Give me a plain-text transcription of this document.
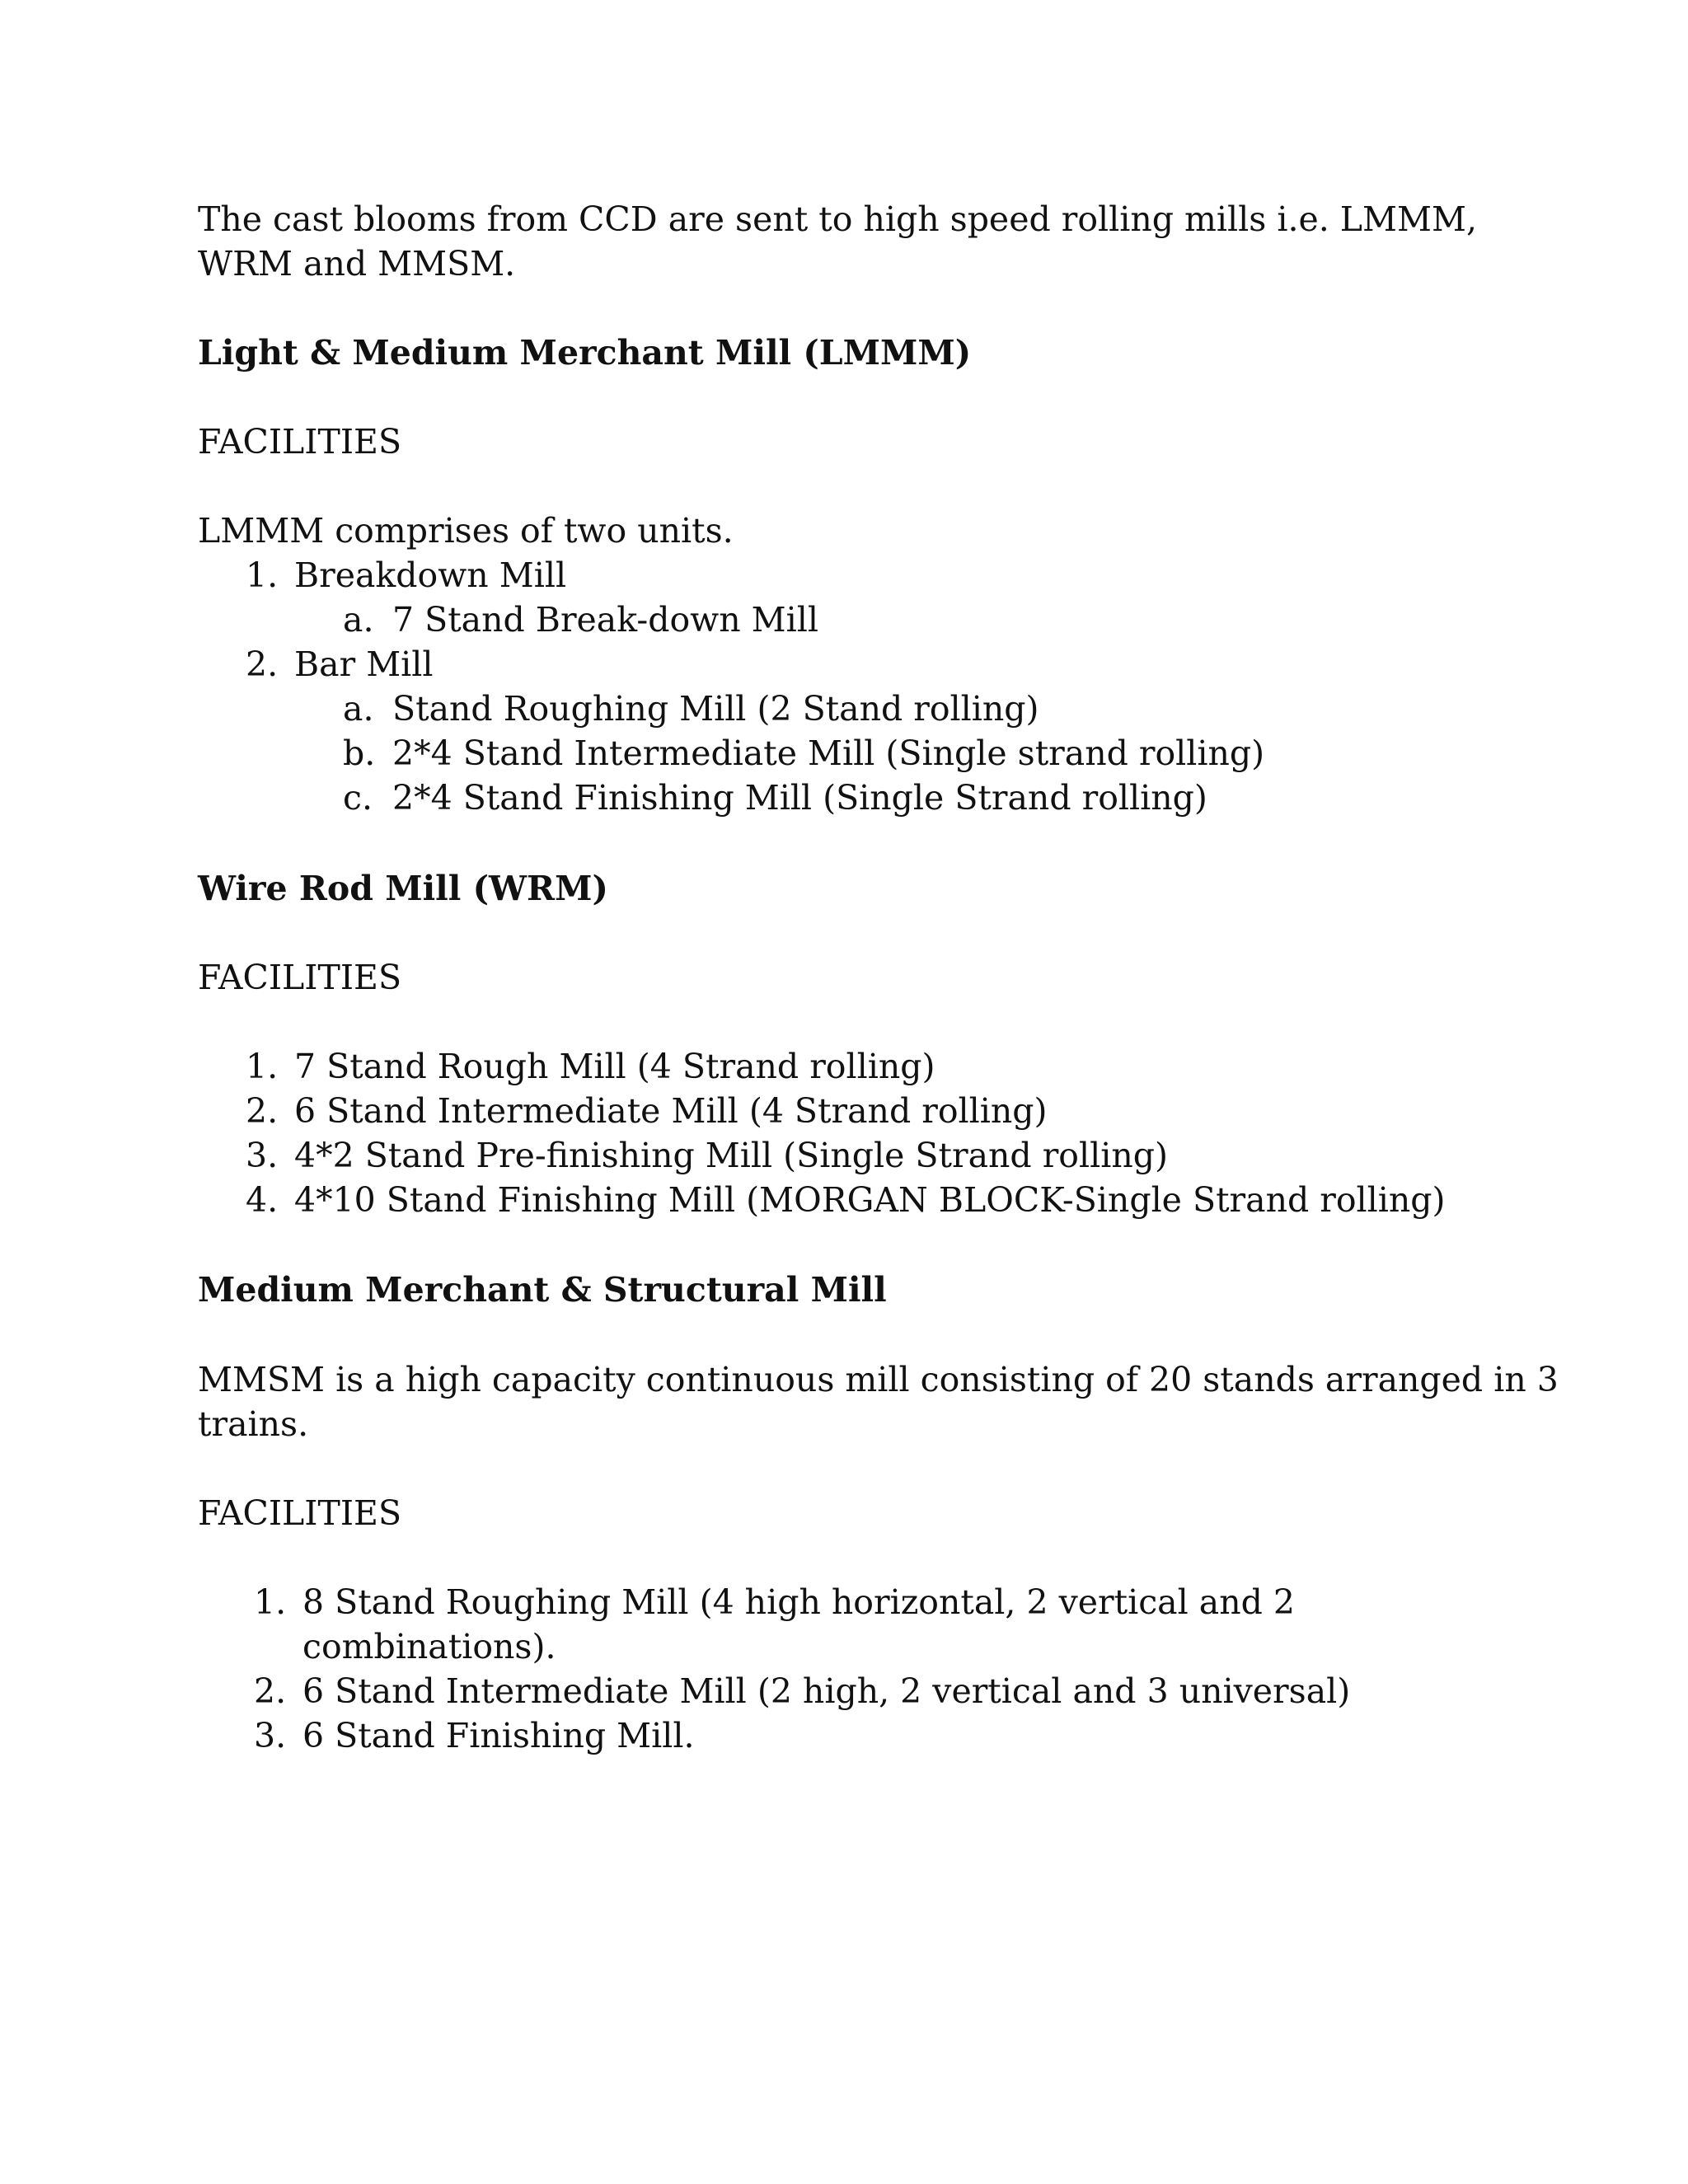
The cast blooms from CCD are sent to high speed rolling mills i.e. LMMM,
WRM and MMSM.
Light & Medium Merchant Mill (LMMM)
FACILITIES
LMMM comprises of two units.
1. Breakdown Mill
a. 7 Stand Break-down Mill
2. Bar Mill
a. Stand Roughing Mill (2 Stand rolling)
b. 2*4 Stand Intermediate Mill (Single strand rolling)
c. 2*4 Stand Finishing Mill (Single Strand rolling)
Wire Rod Mill (WRM)
FACILITIES
1. 7 Stand Rough Mill (4 Strand rolling)
2. 6 Stand Intermediate Mill (4 Strand rolling)
3. 4*2 Stand Pre-finishing Mill (Single Strand rolling)
4. 4*10 Stand Finishing Mill (MORGAN BLOCK-Single Strand rolling)
Medium Merchant & Structural Mill
MMSM is a high capacity continuous mill consisting of 20 stands arranged in 3
trains.
FACILITIES
1. 8 Stand Roughing Mill (4 high horizontal, 2 vertical and 2
combinations).
2. 6 Stand Intermediate Mill (2 high, 2 vertical and 3 universal)
3. 6 Stand Finishing Mill.
